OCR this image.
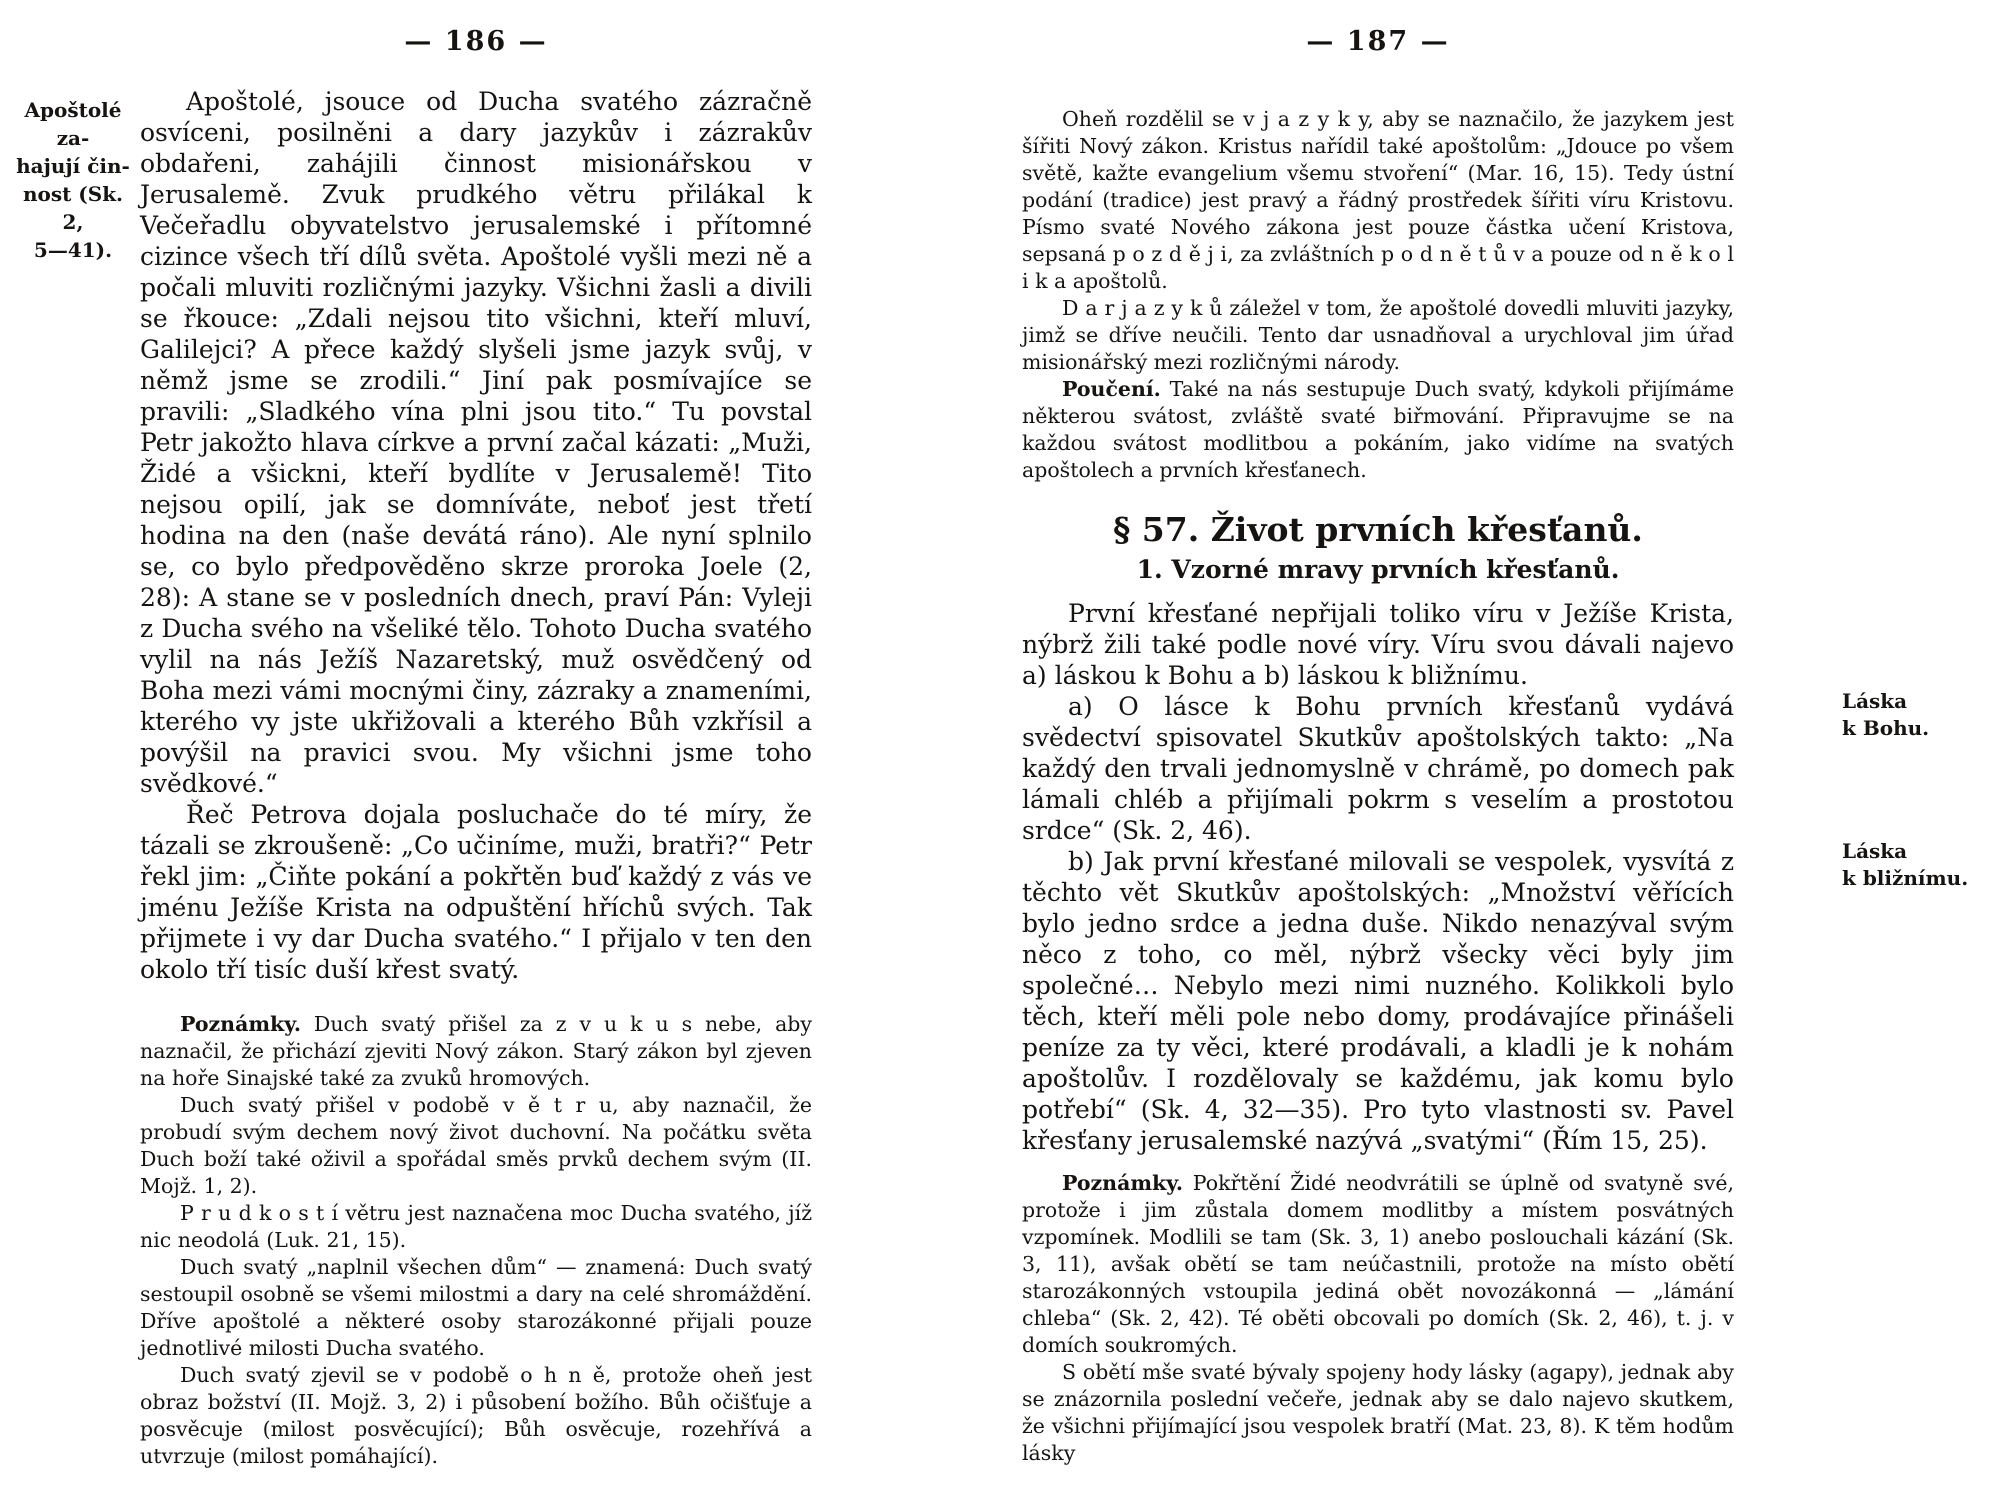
— 186 —
Apoštolé za-
hajují čin-
nost (Sk. 2,
5—41).

Apoštolé, jsouce od Ducha svatého zázračně osvíceni, posilněni a dary jazykův i zázrakův obdařeni, zahájili činnost misionářskou v Jerusalemě. Zvuk prudkého větru přilákal k Večeřadlu obyvatelstvo jerusalemské i přítomné cizince všech tří dílů světa. Apoštolé vyšli mezi ně a počali mluviti rozličnými jazyky. Všichni žasli a divili se řkouce: „Zdali nejsou tito všichni, kteří mluví, Galilejci? A přece každý slyšeli jsme jazyk svůj, v němž jsme se zrodili.“ Jiní pak posmívajíce se pravili: „Sladkého vína plni jsou tito.“ Tu povstal Petr jakožto hlava církve a první začal kázati: „Muži, Židé a všickni, kteří bydlíte v Jerusalemě! Tito nejsou opilí, jak se domníváte, neboť jest třetí hodina na den (naše devátá ráno). Ale nyní splnilo se, co bylo předpověděno skrze proroka Joele (2, 28): A stane se v posledních dnech, praví Pán: Vyleji z Ducha svého na všeliké tělo. Tohoto Ducha svatého vylil na nás Ježíš Nazaretský, muž osvědčený od Boha mezi vámi mocnými činy, zázraky a znameními, kterého vy jste ukřižovali a kterého Bůh vzkřísil a povýšil na pravici svou. My všichni jsme toho svědkové.“

Řeč Petrova dojala posluchače do té míry, že tázali se zkroušeně: „Co učiníme, muži, bratři?“ Petr řekl jim: „Čiňte pokání a pokřtěn buď každý z vás ve jménu Ježíše Krista na odpuštění hříchů svých. Tak přijmete i vy dar Ducha svatého.“ I přijalo v ten den okolo tří tisíc duší křest svatý.

Poznámky. Duch svatý přišel za z v u k u s nebe, aby naznačil, že přichází zjeviti Nový zákon. Starý zákon byl zjeven na hoře Sinajské také za zvuků hromových.

Duch svatý přišel v podobě v ě t r u, aby naznačil, že probudí svým dechem nový život duchovní. Na počátku světa Duch boží také oživil a spořádal směs prvků dechem svým (II. Mojž. 1, 2).

P r u d k o s t í větru jest naznačena moc Ducha svatého, jíž nic neodolá (Luk. 21, 15).

Duch svatý „naplnil všechen dům“ — znamená: Duch svatý sestoupil osobně se všemi milostmi a dary na celé shromáždění. Dříve apoštolé a některé osoby starozákonné přijali pouze jednotlivé milosti Ducha svatého.

Duch svatý zjevil se v podobě o h n ě, protože oheň jest obraz božství (II. Mojž. 3, 2) i působení božího. Bůh očišťuje a posvěcuje (milost posvěcující); Bůh osvěcuje, rozehřívá a utvrzuje (milost pomáhající).

— 187 —

Oheň rozdělil se v j a z y k y, aby se naznačilo, že jazykem jest šířiti Nový zákon. Kristus nařídil také apoštolům: „Jdouce po všem světě, kažte evangelium všemu stvoření“ (Mar. 16, 15). Tedy ústní podání (tradice) jest pravý a řádný prostředek šířiti víru Kristovu. Písmo svaté Nového zákona jest pouze částka učení Kristova, sepsaná p o z d ě j i, za zvláštních p o d n ě t ů v a pouze od n ě k o l i k a apoštolů.

D a r j a z y k ů záležel v tom, že apoštolé dovedli mluviti jazyky, jimž se dříve neučili. Tento dar usnadňoval a urychloval jim úřad misionářský mezi rozličnými národy.

Poučení. Také na nás sestupuje Duch svatý, kdykoli přijímáme některou svátost, zvláště svaté biřmování. Připravujme se na každou svátost modlitbou a pokáním, jako vidíme na svatých apoštolech a prvních křesťanech.

§ 57. Život prvních křesťanů.
1. Vzorné mravy prvních křesťanů.

První křesťané nepřijali toliko víru v Ježíše Krista, nýbrž žili také podle nové víry. Víru svou dávali najevo a) láskou k Bohu a b) láskou k bližnímu.

a) O lásce k Bohu prvních křesťanů vydává svědectví spisovatel Skutkův apoštolských takto: „Na každý den trvali jednomyslně v chrámě, po domech pak lámali chléb a přijímali pokrm s veselím a prostotou srdce“ (Sk. 2, 46).

b) Jak první křesťané milovali se vespolek, vysvítá z těchto vět Skutkův apoštolských: „Množství věřících bylo jedno srdce a jedna duše. Nikdo nenazýval svým něco z toho, co měl, nýbrž všecky věci byly jim společné… Nebylo mezi nimi nuzného. Kolikkoli bylo těch, kteří měli pole nebo domy, prodávajíce přinášeli peníze za ty věci, které prodávali, a kladli je k nohám apoštolův. I rozdělovaly se každému, jak komu bylo potřebí“ (Sk. 4, 32—35). Pro tyto vlastnosti sv. Pavel křesťany jerusalemské nazývá „svatými“ (Řím 15, 25).

Poznámky. Pokřtění Židé neodvrátili se úplně od svatyně své, protože i jim zůstala domem modlitby a místem posvátných vzpomínek. Modlili se tam (Sk. 3, 1) anebo poslouchali kázání (Sk. 3, 11), avšak obětí se tam neúčastnili, protože na místo obětí starozákonných vstoupila jediná obět novozákonná — „lámání chleba“ (Sk. 2, 42). Té oběti obcovali po domích (Sk. 2, 46), t. j. v domích soukromých.

S obětí mše svaté bývaly spojeny hody lásky (agapy), jednak aby se znázornila poslední večeře, jednak aby se dalo najevo skutkem, že všichni přijímající jsou vespolek bratří (Mat. 23, 8). K těm hodům lásky

Láska
k Bohu.
Láska
k bližnímu.
